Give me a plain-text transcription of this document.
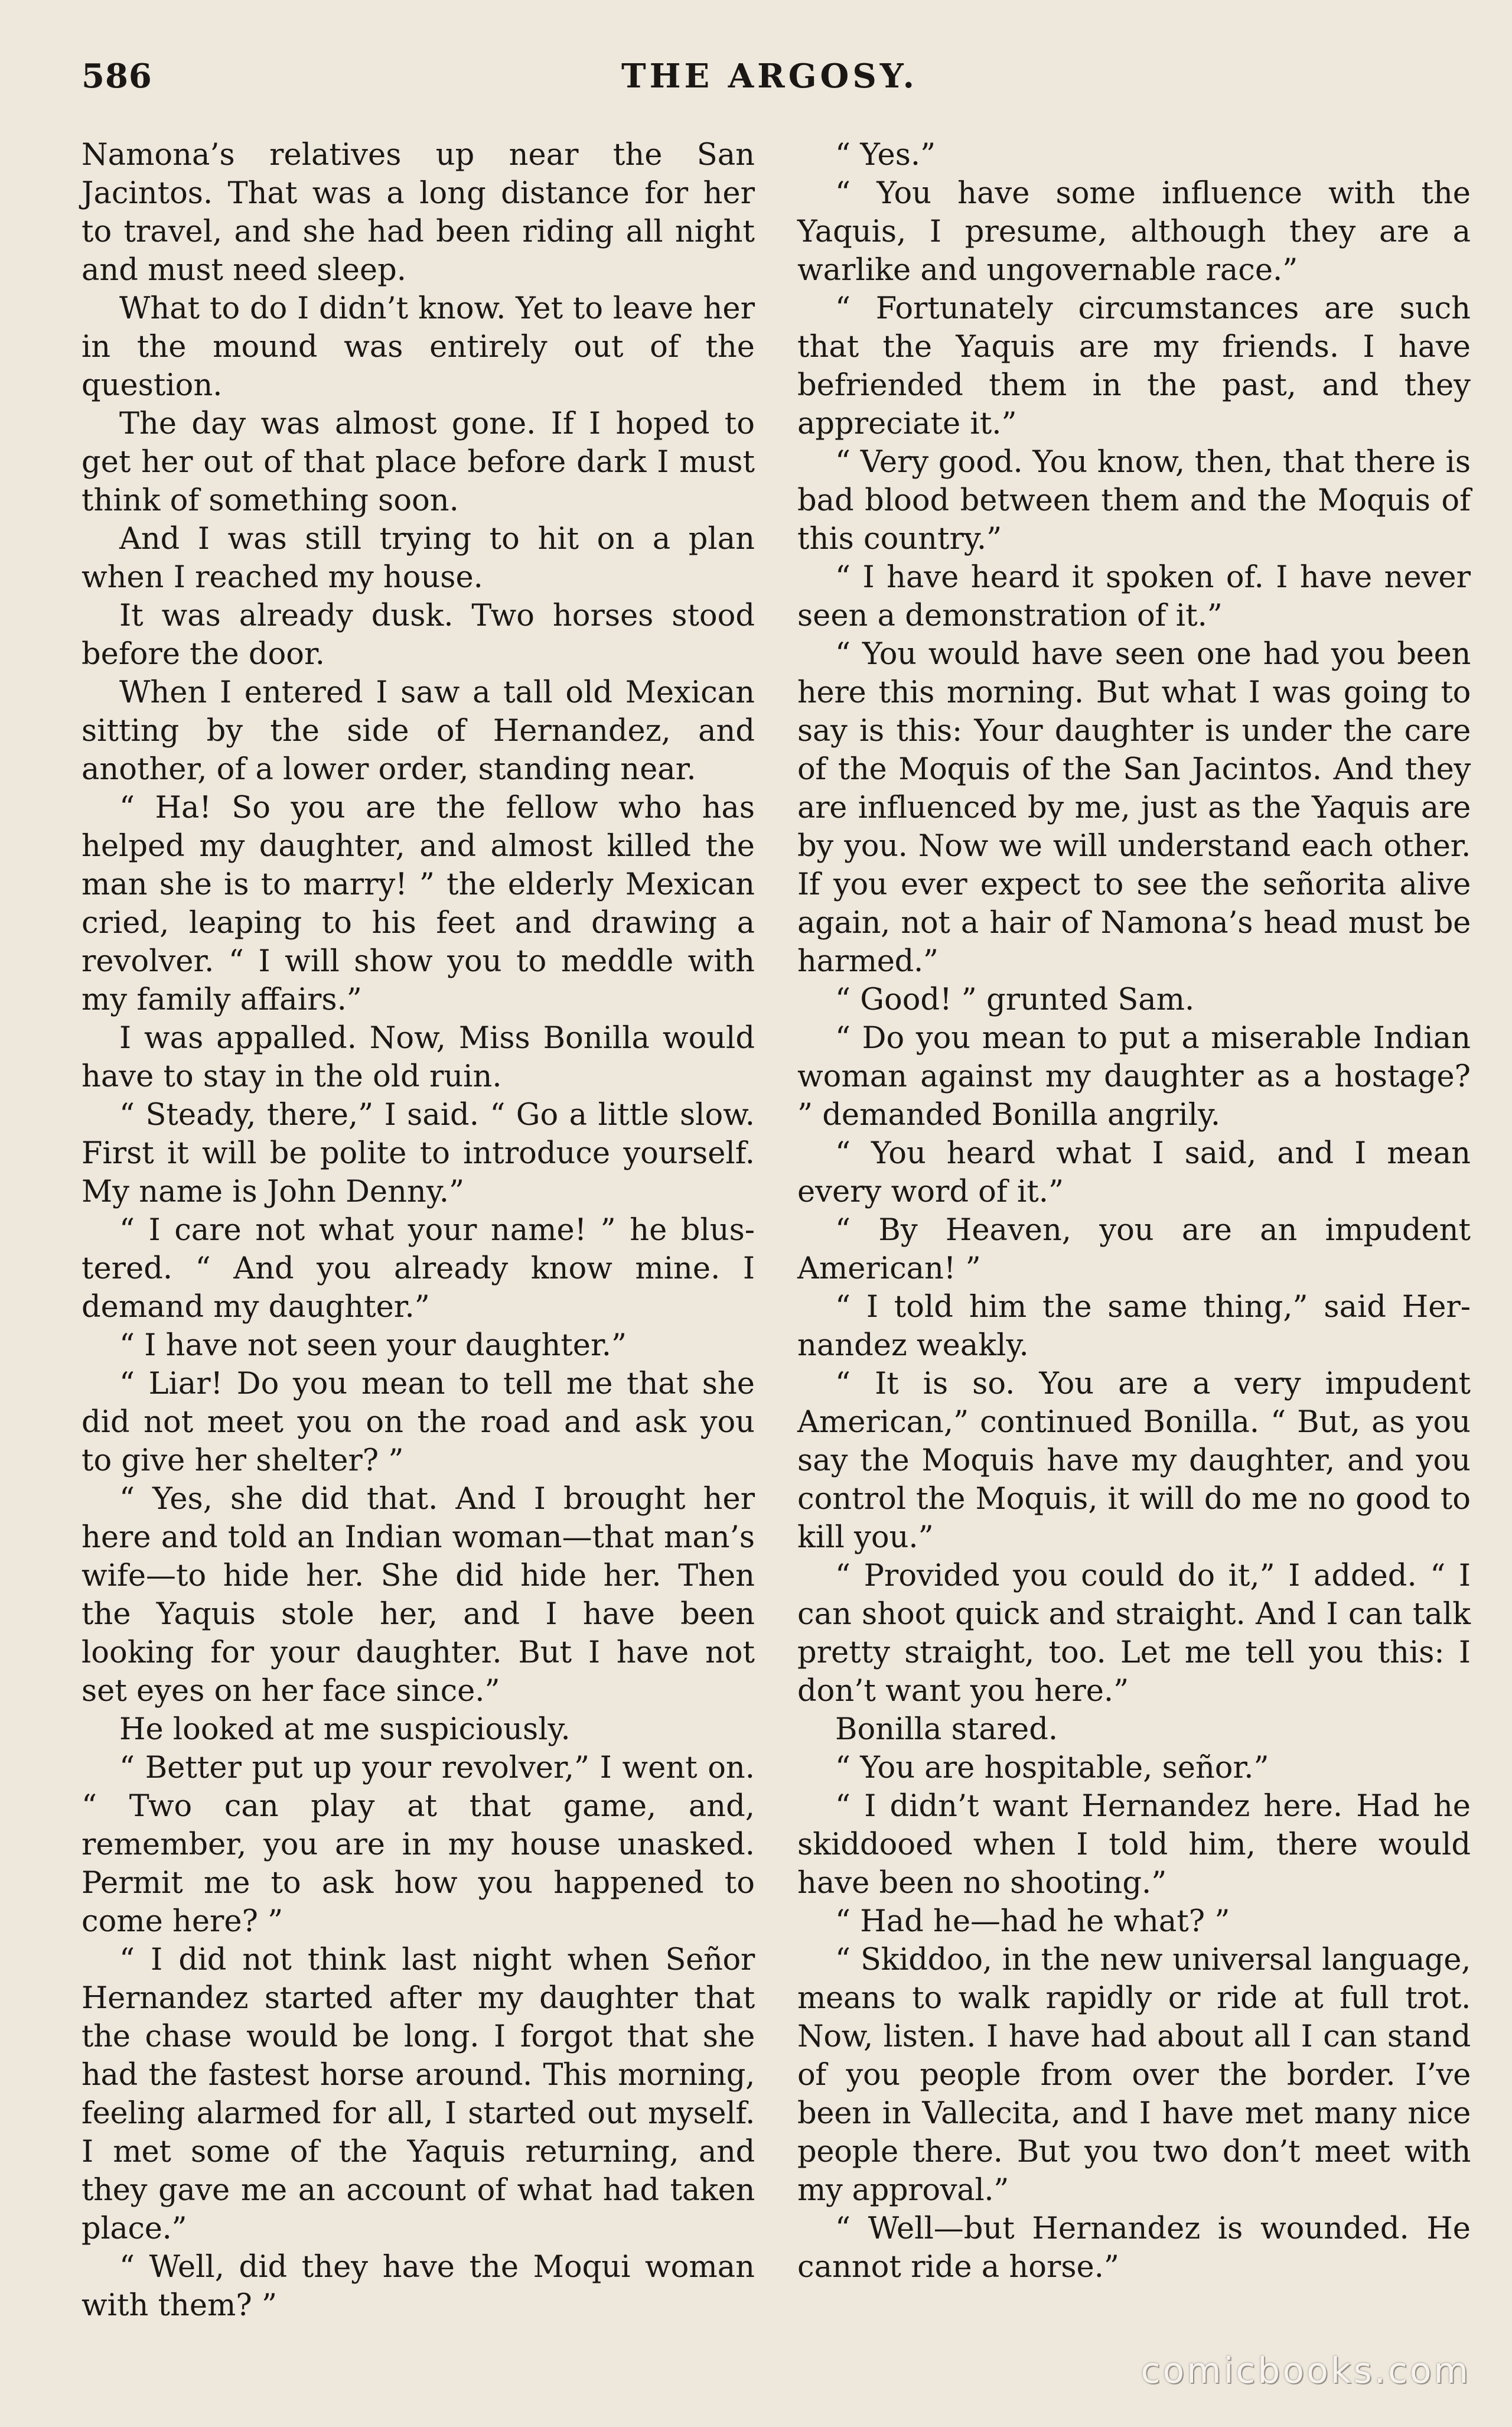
586	THE ARGOSY.

Namona’s relatives up near the San Jacintos. That was a long distance for her to travel, and she had been riding all night and must need sleep.

What to do I didn’t know. Yet to leave her in the mound was entirely out of the question.

The day was almost gone. If I hoped to get her out of that place before dark I must think of something soon.

And I was still trying to hit on a plan when I reached my house.

It was already dusk. Two horses stood before the door.

When I entered I saw a tall old Mexican sitting by the side of Hernandez, and another, of a lower order, standing near.

“ Ha! So you are the fellow who has helped my daughter, and almost killed the man she is to marry! ” the elderly Mexican cried, leaping to his feet and drawing a revolver. “ I will show you to meddle with my family affairs.”

I was appalled. Now, Miss Bonilla would have to stay in the old ruin.

“ Steady, there,” I said. “ Go a little slow. First it will be polite to introduce yourself. My name is John Denny.”

“ I care not what your name! ” he blustered. “ And you already know mine. I demand my daughter.”

“ I have not seen your daughter.”

“ Liar! Do you mean to tell me that she did not meet you on the road and ask you to give her shelter? ”

“ Yes, she did that. And I brought her here and told an Indian woman—that man’s wife—to hide her. She did hide her. Then the Yaquis stole her, and I have been looking for your daughter. But I have not set eyes on her face since.”

He looked at me suspiciously.

“ Better put up your revolver,” I went on. “ Two can play at that game, and, remember, you are in my house unasked. Permit me to ask how you happened to come here? ”

“ I did not think last night when Señor Hernandez started after my daughter that the chase would be long. I forgot that she had the fastest horse around. This morning, feeling alarmed for all, I started out myself. I met some of the Yaquis returning, and they gave me an account of what had taken place.”

“ Well, did they have the Moqui woman with them? ”

“ Yes.”

“ You have some influence with the Yaquis, I presume, although they are a warlike and ungovernable race.”

“ Fortunately circumstances are such that the Yaquis are my friends. I have befriended them in the past, and they appreciate it.”

“ Very good. You know, then, that there is bad blood between them and the Moquis of this country.”

“ I have heard it spoken of. I have never seen a demonstration of it.”

“ You would have seen one had you been here this morning. But what I was going to say is this: Your daughter is under the care of the Moquis of the San Jacintos. And they are influenced by me, just as the Yaquis are by you. Now we will understand each other. If you ever expect to see the señorita alive again, not a hair of Namona’s head must be harmed.”

“ Good! ” grunted Sam.

“ Do you mean to put a miserable Indian woman against my daughter as a hostage? ” demanded Bonilla angrily.

“ You heard what I said, and I mean every word of it.”

“ By Heaven, you are an impudent American! ”

“ I told him the same thing,” said Hernandez weakly.

“ It is so. You are a very impudent American,” continued Bonilla. “ But, as you say the Moquis have my daughter, and you control the Moquis, it will do me no good to kill you.”

“ Provided you could do it,” I added. “ I can shoot quick and straight. And I can talk pretty straight, too. Let me tell you this: I don’t want you here.”

Bonilla stared.

“ You are hospitable, señor.”

“ I didn’t want Hernandez here. Had he skiddooed when I told him, there would have been no shooting.”

“ Had he—had he what? ”

“ Skiddoo, in the new universal language, means to walk rapidly or ride at full trot. Now, listen. I have had about all I can stand of you people from over the border. I’ve been in Vallecita, and I have met many nice people there. But you two don’t meet with my approval.”

“ Well—but Hernandez is wounded. He cannot ride a horse.”

comicbooks.com
